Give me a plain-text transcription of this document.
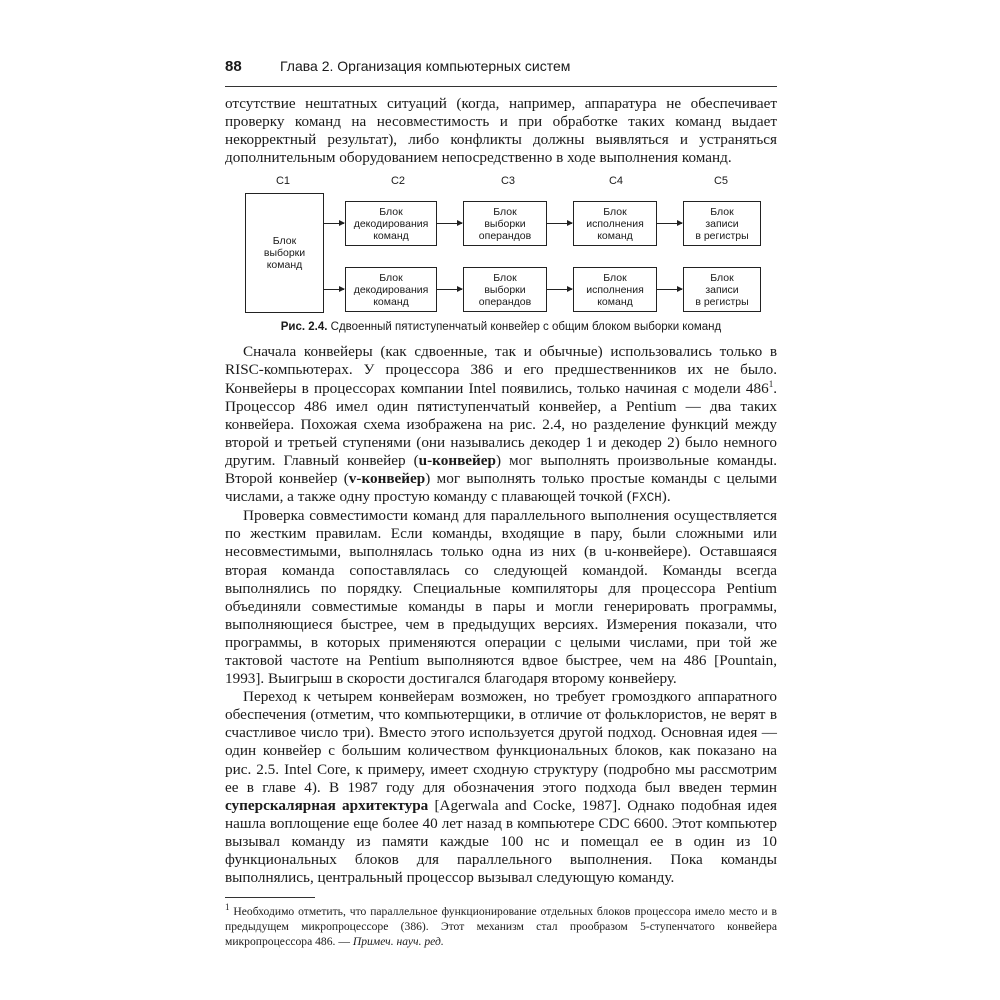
88	Глава 2. Организация компьютерных систем

отсутствие нештатных ситуаций (когда, например, аппаратура не обеспечивает проверку команд на несовместимость и при обработке таких команд выдает некорректный результат), либо конфликты должны выявляться и устраняться дополнительным оборудованием непосредственно в ходе выполнения команд.

C1	C2	C3	C4	C5
Блок
выборки
команд
Блок
декодирования
команд
Блок
выборки
операндов
Блок
исполнения
команд
Блок
записи
в регистры
Блок
декодирования
команд
Блок
выборки
операндов
Блок
исполнения
команд
Блок
записи
в регистры
Рис. 2.4. Сдвоенный пятиступенчатый конвейер с общим блоком выборки команд

Сначала конвейеры (как сдвоенные, так и обычные) использовались только в RISC-компьютерах. У процессора 386 и его предшественников их не было. Конвейеры в процессорах компании Intel появились, только начиная с модели $486^1$. Процессор 486 имел один пятиступенчатый конвейер, а Pentium — два таких конвейера. Похожая схема изображена на рис. 2.4, но разделение функций между второй и третьей ступенями (они назывались декодер 1 и декодер 2) было немного другим. Главный конвейер (u-конвейер) мог выполнять произвольные команды. Второй конвейер (v-конвейер) мог выполнять только простые команды с целыми числами, а также одну простую команду с плавающей точкой (FXCH).

Проверка совместимости команд для параллельного выполнения осуществляется по жестким правилам. Если команды, входящие в пару, были сложными или несовместимыми, выполнялась только одна из них (в u-конвейере). Оставшаяся вторая команда сопоставлялась со следующей командой. Команды всегда выполнялись по порядку. Специальные компиляторы для процессора Pentium объединяли совместимые команды в пары и могли генерировать программы, выполняющиеся быстрее, чем в предыдущих версиях. Измерения показали, что программы, в которых применяются операции с целыми числами, при той же тактовой частоте на Pentium выполняются вдвое быстрее, чем на 486 [Pountain, 1993]. Выигрыш в скорости достигался благодаря второму конвейеру.

Переход к четырем конвейерам возможен, но требует громоздкого аппаратного обеспечения (отметим, что компьютерщики, в отличие от фольклористов, не верят в счастливое число три). Вместо этого используется другой подход. Основная идея — один конвейер с большим количеством функциональных блоков, как показано на рис. 2.5. Intel Core, к примеру, имеет сходную структуру (подробно мы рассмотрим ее в главе 4). В 1987 году для обозначения этого подхода был введен термин суперскалярная архитектура [Agerwala and Cocke, 1987]. Однако подобная идея нашла воплощение еще более 40 лет назад в компьютере CDC 6600. Этот компьютер вызывал команду из памяти каждые 100 нс и помещал ее в один из 10 функциональных блоков для параллельного выполнения. Пока команды выполнялись, центральный процессор вызывал следующую команду.

$^1$ Необходимо отметить, что параллельное функционирование отдельных блоков процессора имело место и в предыдущем микропроцессоре (386). Этот механизм стал прообразом 5-ступенчатого конвейера микропроцессора 486. — Примеч. науч. ред.
